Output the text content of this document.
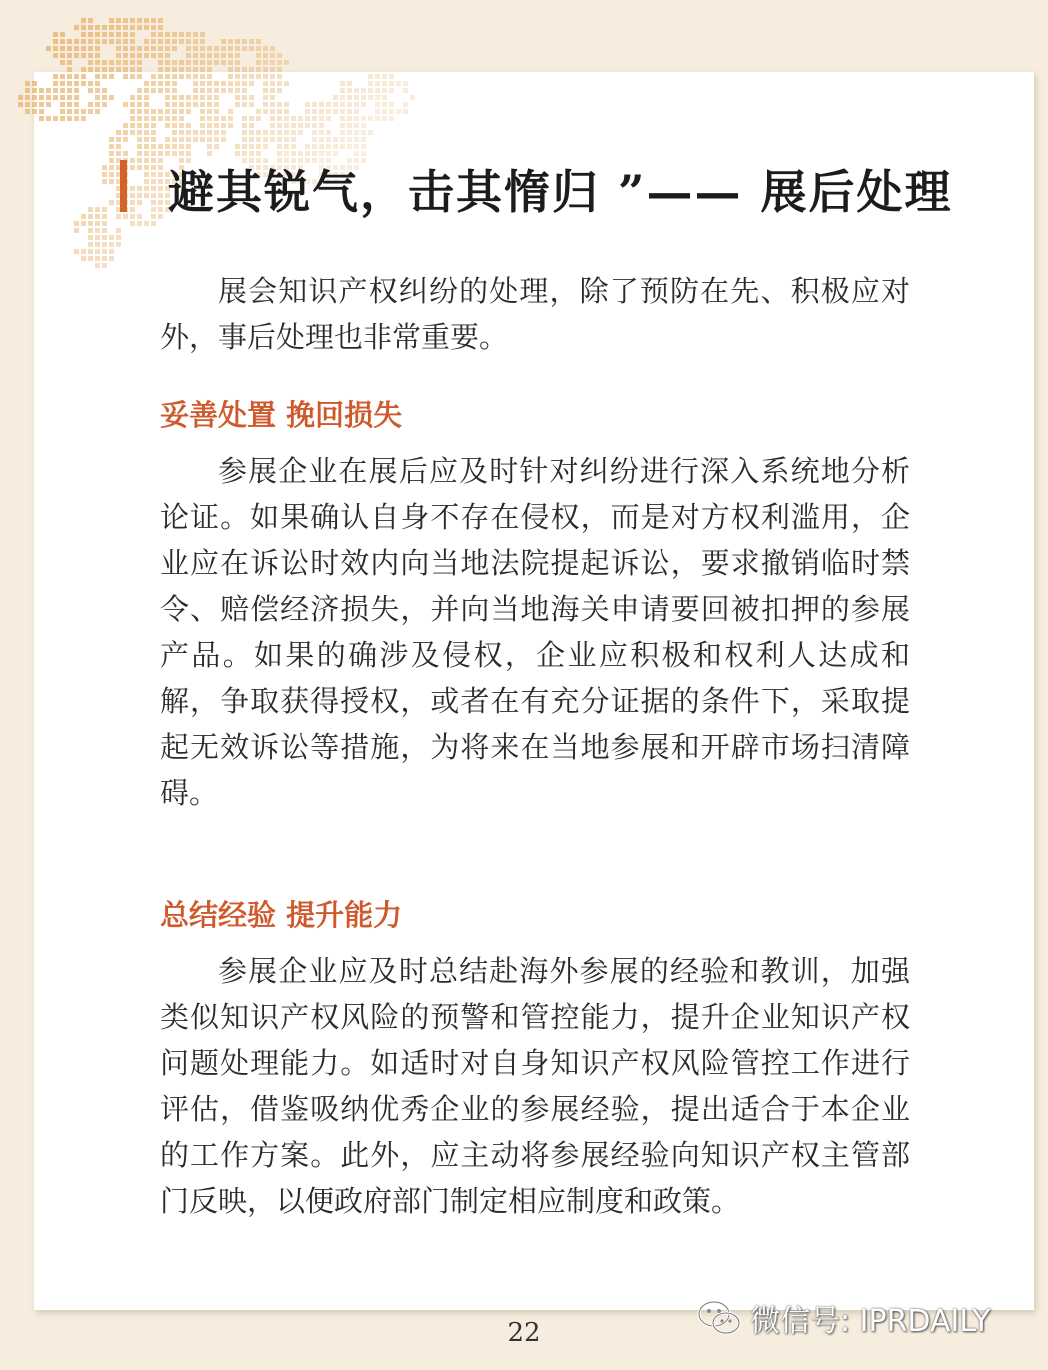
避其锐气，击其惰归 ”—— 展后处理

展会知识产权纠纷的处理，除了预防在先、积极应对外，事后处理也非常重要。

妥善处置 挽回损失

参展企业在展后应及时针对纠纷进行深入系统地分析论证。如果确认自身不存在侵权，而是对方权利滥用，企业应在诉讼时效内向当地法院提起诉讼，要求撤销临时禁令、赔偿经济损失，并向当地海关申请要回被扣押的参展产品。如果的确涉及侵权，企业应积极和权利人达成和解，争取获得授权，或者在有充分证据的条件下，采取提起无效诉讼等措施，为将来在当地参展和开辟市场扫清障碍。

总结经验 提升能力

参展企业应及时总结赴海外参展的经验和教训，加强类似知识产权风险的预警和管控能力，提升企业知识产权问题处理能力。如适时对自身知识产权风险管控工作进行评估，借鉴吸纳优秀企业的参展经验，提出适合于本企业的工作方案。此外，应主动将参展经验向知识产权主管部门反映，以便政府部门制定相应制度和政策。

22	微信号: IPRDAILY
